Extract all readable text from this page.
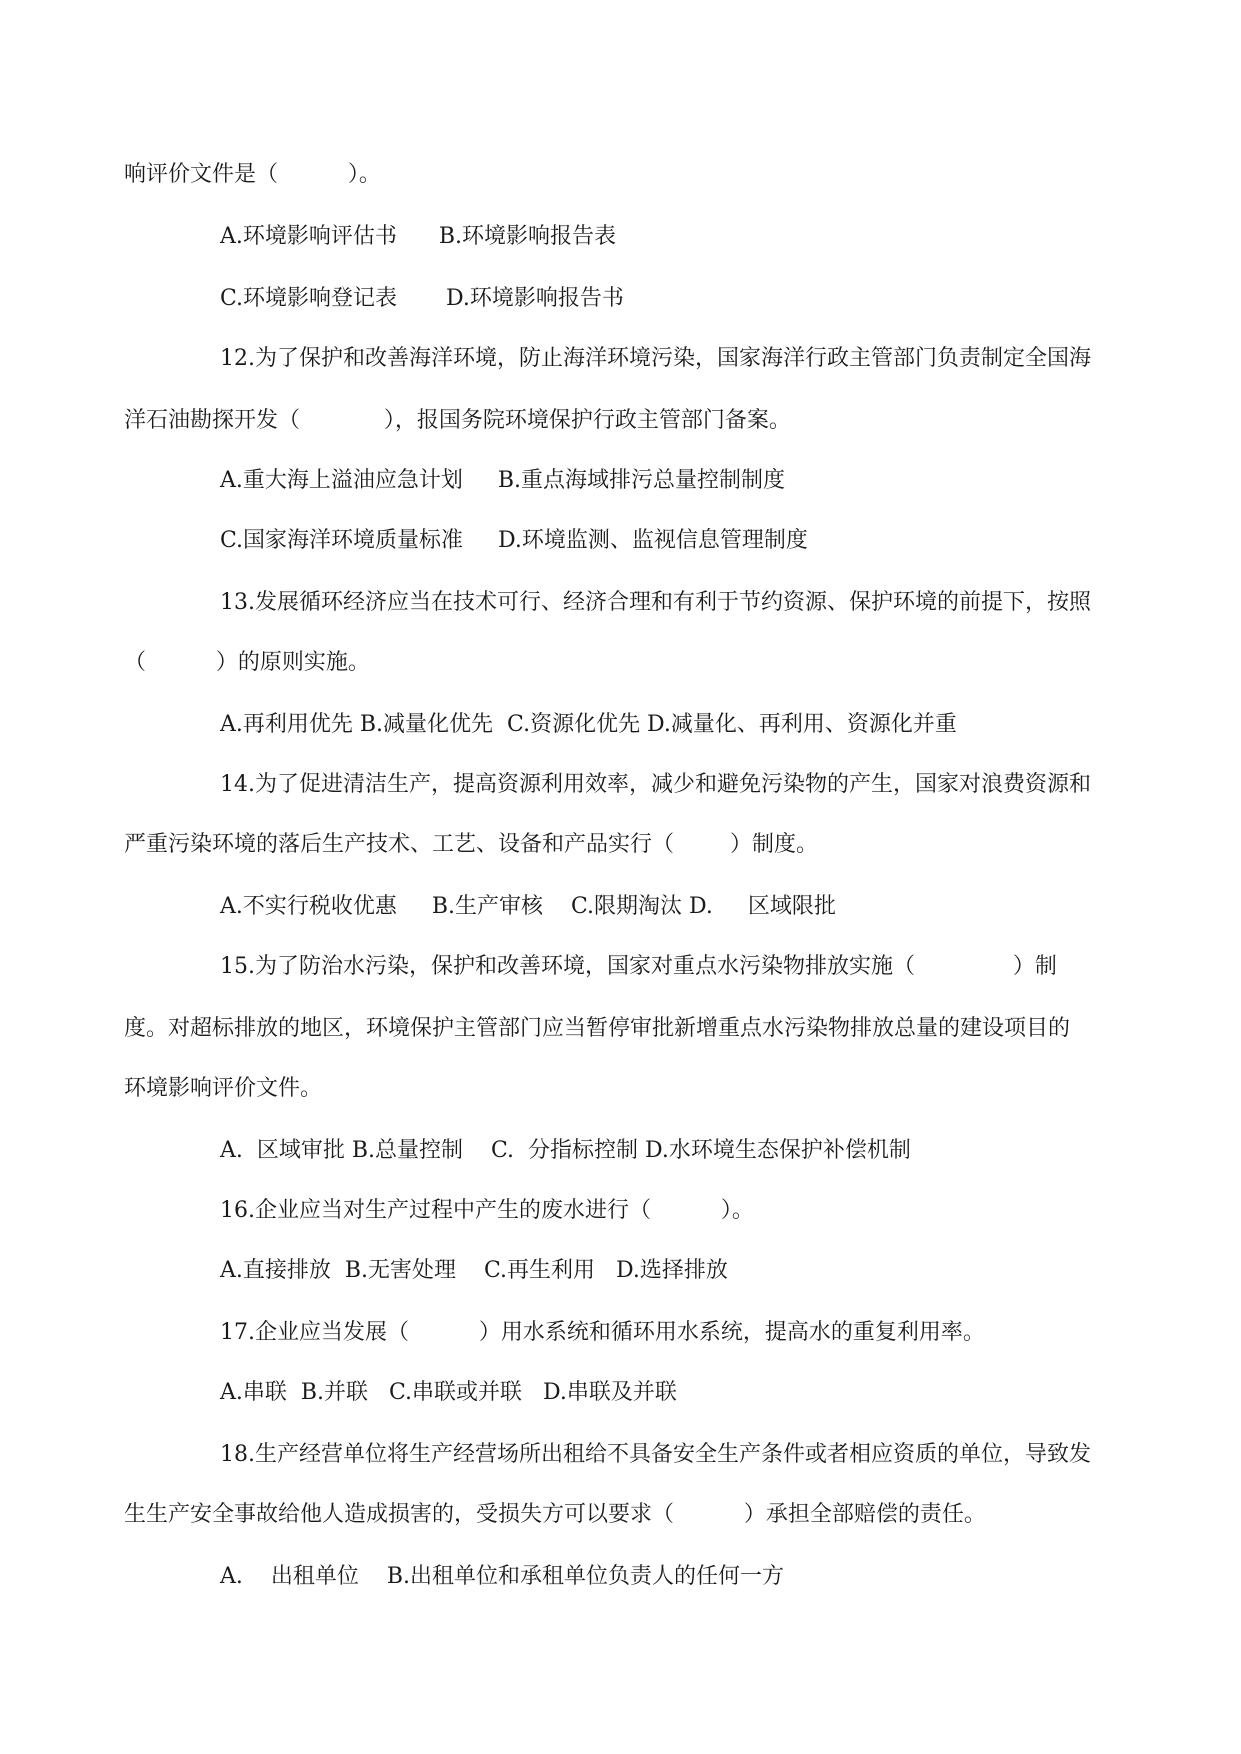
响评价文件是（          ）。
A.环境影响评估书      B.环境影响报告表
C.环境影响登记表       D.环境影响报告书
12.为了保护和改善海洋环境，防止海洋环境污染，国家海洋行政主管部门负责制定全国海
洋石油勘探开发（            ），报国务院环境保护行政主管部门备案。
A.重大海上溢油应急计划     B.重点海域排污总量控制制度
C.国家海洋环境质量标准     D.环境监测、监视信息管理制度
13.发展循环经济应当在技术可行、经济合理和有利于节约资源、保护环境的前提下，按照
（          ）的原则实施。
A.再利用优先 B.减量化优先  C.资源化优先 D.减量化、再利用、资源化并重
14.为了促进清洁生产，提高资源利用效率，减少和避免污染物的产生，国家对浪费资源和
严重污染环境的落后生产技术、工艺、设备和产品实行（        ）制度。
A.不实行税收优惠     B.生产审核    C.限期淘汰 D.     区域限批
15.为了防治水污染，保护和改善环境，国家对重点水污染物排放实施（              ）制
度。对超标排放的地区，环境保护主管部门应当暂停审批新增重点水污染物排放总量的建设项目的
环境影响评价文件。
A.  区域审批 B.总量控制    C.  分指标控制 D.水环境生态保护补偿机制
16.企业应当对生产过程中产生的废水进行（          ）。
A.直接排放  B.无害处理    C.再生利用   D.选择排放
17.企业应当发展（          ）用水系统和循环用水系统，提高水的重复利用率。
A.串联  B.并联   C.串联或并联   D.串联及并联
18.生产经营单位将生产经营场所出租给不具备安全生产条件或者相应资质的单位，导致发
生生产安全事故给他人造成损害的，受损失方可以要求（          ）承担全部赔偿的责任。
A.    出租单位    B.出租单位和承租单位负责人的任何一方
